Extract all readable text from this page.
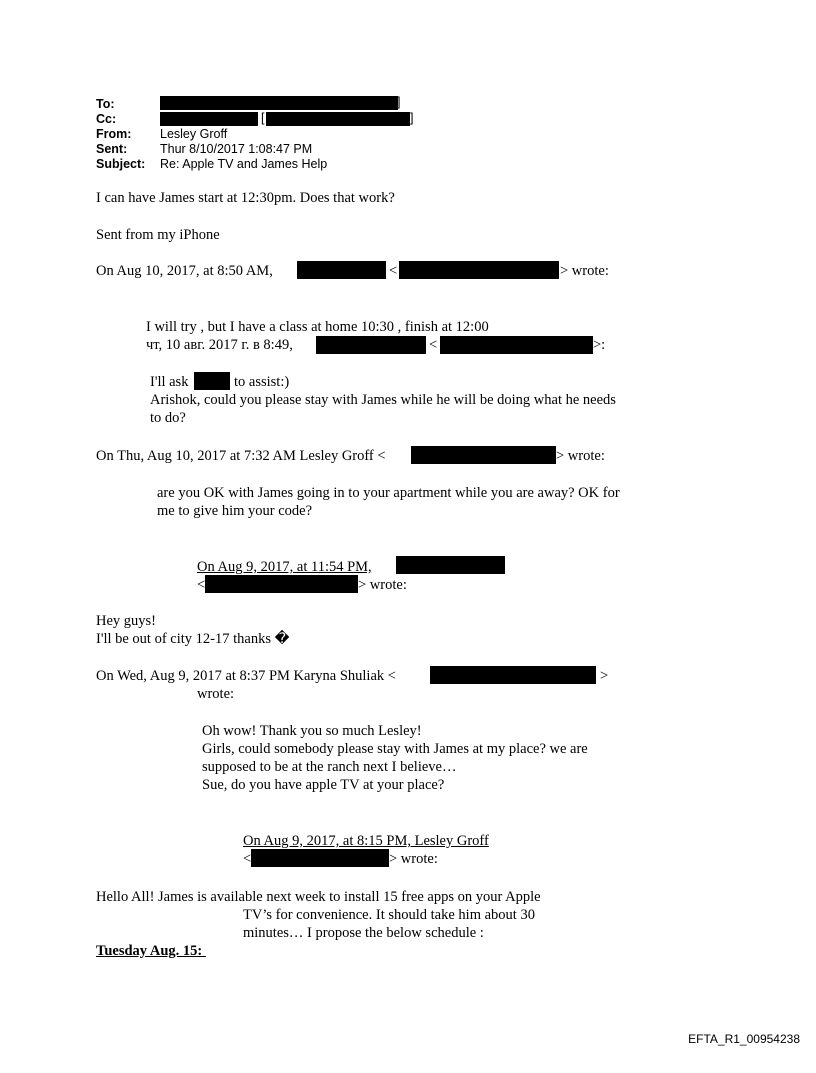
To:	]
Cc:	[	]
From: Lesley Groff
Sent:	Thur 8/10/2017 1:08:47 PM
Subject: Re: Apple TV and James Help
I can have James start at 12:30pm. Does that work?
Sent from my iPhone
On Aug 10, 2017, at 8:50 AM,	<	> wrote:
I will try , but I have a class at home 10:30 , finish at 12:00
чт, 10 авг. 2017 г. в 8:49,	<	>:
I'll ask	to assist:)
Arishok, could you please stay with James while he will be doing what he needs
to do?
On Thu, Aug 10, 2017 at 7:32 AM Lesley Groff <	> wrote:
are you OK with James going in to your apartment while you are away? OK for
me to give him your code?
On Aug 9, 2017, at 11:54 PM,
<	> wrote:
Hey guys!
I'll be out of city 12-17 thanks �
On Wed, Aug 9, 2017 at 8:37 PM Karyna Shuliak <	>
wrote:
Oh wow! Thank you so much Lesley!
Girls, could somebody please stay with James at my place? we are
supposed to be at the ranch next I believe…
Sue, do you have apple TV at your place?
On Aug 9, 2017, at 8:15 PM, Lesley Groff
<	> wrote:
Hello All! James is available next week to install 15 free apps on your Apple
TV’s for convenience. It should take him about 30
minutes… I propose the below schedule :
Tuesday Aug. 15:
EFTA_R1_00954238
